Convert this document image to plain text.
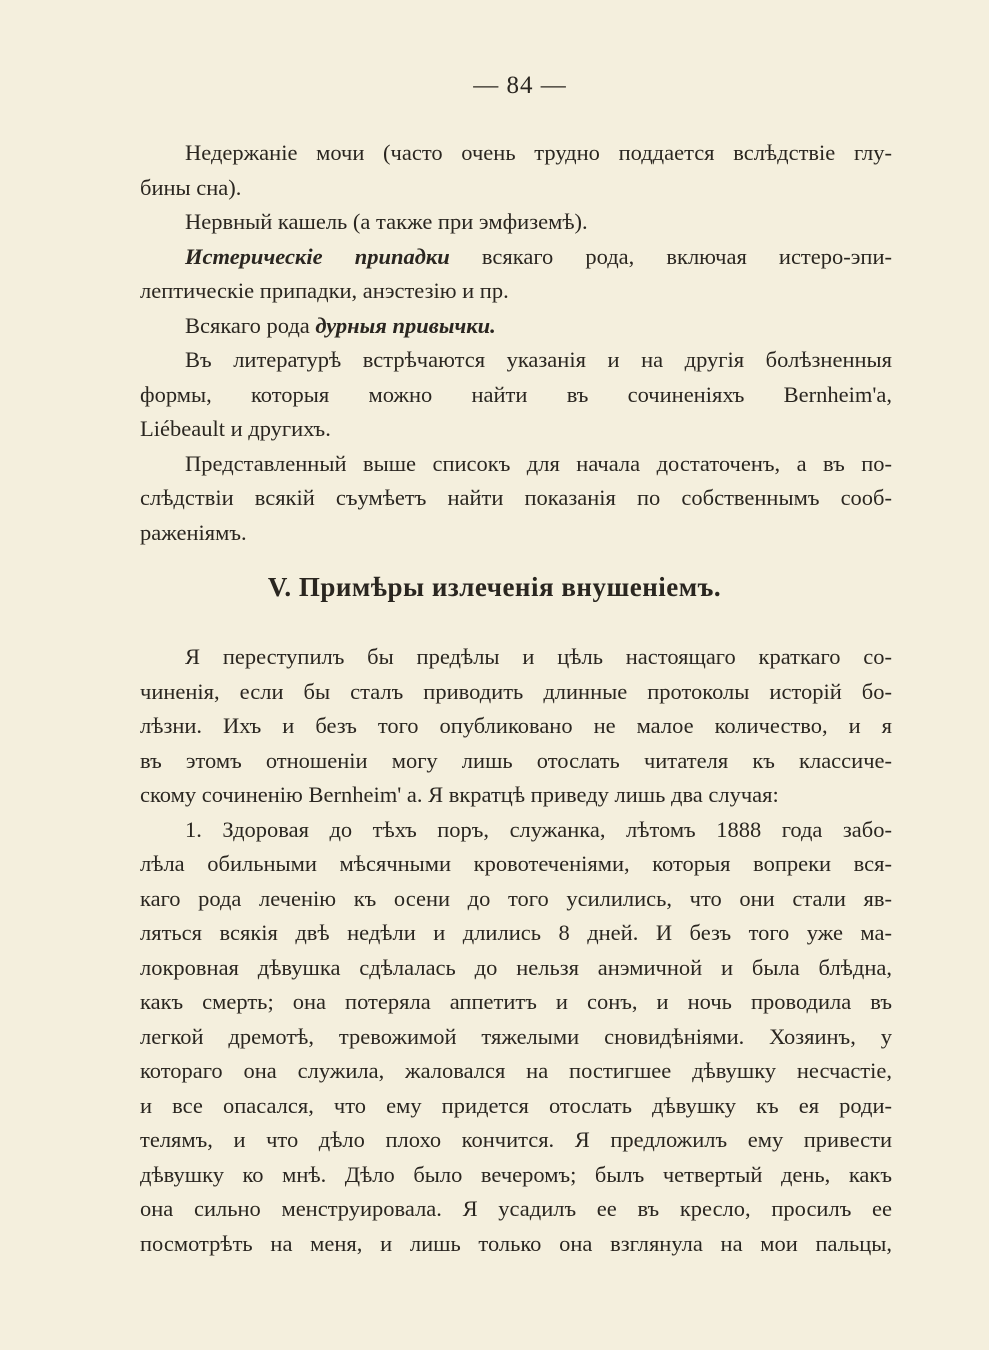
— 84 —
Недержаніе мочи (часто очень трудно поддается вслѣдствіе глу-
бины сна).
Нервный кашель (а также при эмфиземѣ).
Истерическіе припадки всякаго рода, включая истеро-эпи-
лептическіе припадки, анэстезію и пр.
Всякаго рода дурныя привычки.
Въ литературѣ встрѣчаются указанія и на другія болѣзненныя
формы, которыя можно найти въ сочиненіяхъ Bernheim'a,
Liébeault и другихъ.
Представленный выше списокъ для начала достаточенъ, а въ по-
слѣдствіи всякій съумѣетъ найти показанія по собственнымъ сооб-
раженіямъ.
V. Примѣры излеченія внушеніемъ.
Я переступилъ бы предѣлы и цѣль настоящаго краткаго со-
чиненія, если бы сталъ приводить длинные протоколы исторій бо-
лѣзни. Ихъ и безъ того опубликовано не малое количество, и я
въ этомъ отношеніи могу лишь отослать читателя къ классиче-
скому сочиненію Bernheim' a. Я вкратцѣ приведу лишь два случая:
1. Здоровая до тѣхъ поръ, служанка, лѣтомъ 1888 года забо-
лѣла обильными мѣсячными кровотеченіями, которыя вопреки вся-
каго рода леченію къ осени до того усилились, что они стали яв-
ляться всякія двѣ недѣли и длились 8 дней. И безъ того уже ма-
локровная дѣвушка сдѣлалась до нельзя анэмичной и была блѣдна,
какъ смерть; она потеряла аппетитъ и сонъ, и ночь проводила въ
легкой дремотѣ, тревожимой тяжелыми сновидѣніями. Хозяинъ, у
котораго она служила, жаловался на постигшее дѣвушку несчастіе,
и все опасался, что ему придется отослать дѣвушку къ ея роди-
телямъ, и что дѣло плохо кончится. Я предложилъ ему привести
дѣвушку ко мнѣ. Дѣло было вечеромъ; былъ четвертый день, какъ
она сильно менструировала. Я усадилъ ее въ кресло, просилъ ее
посмотрѣть на меня, и лишь только она взглянула на мои пальцы,
